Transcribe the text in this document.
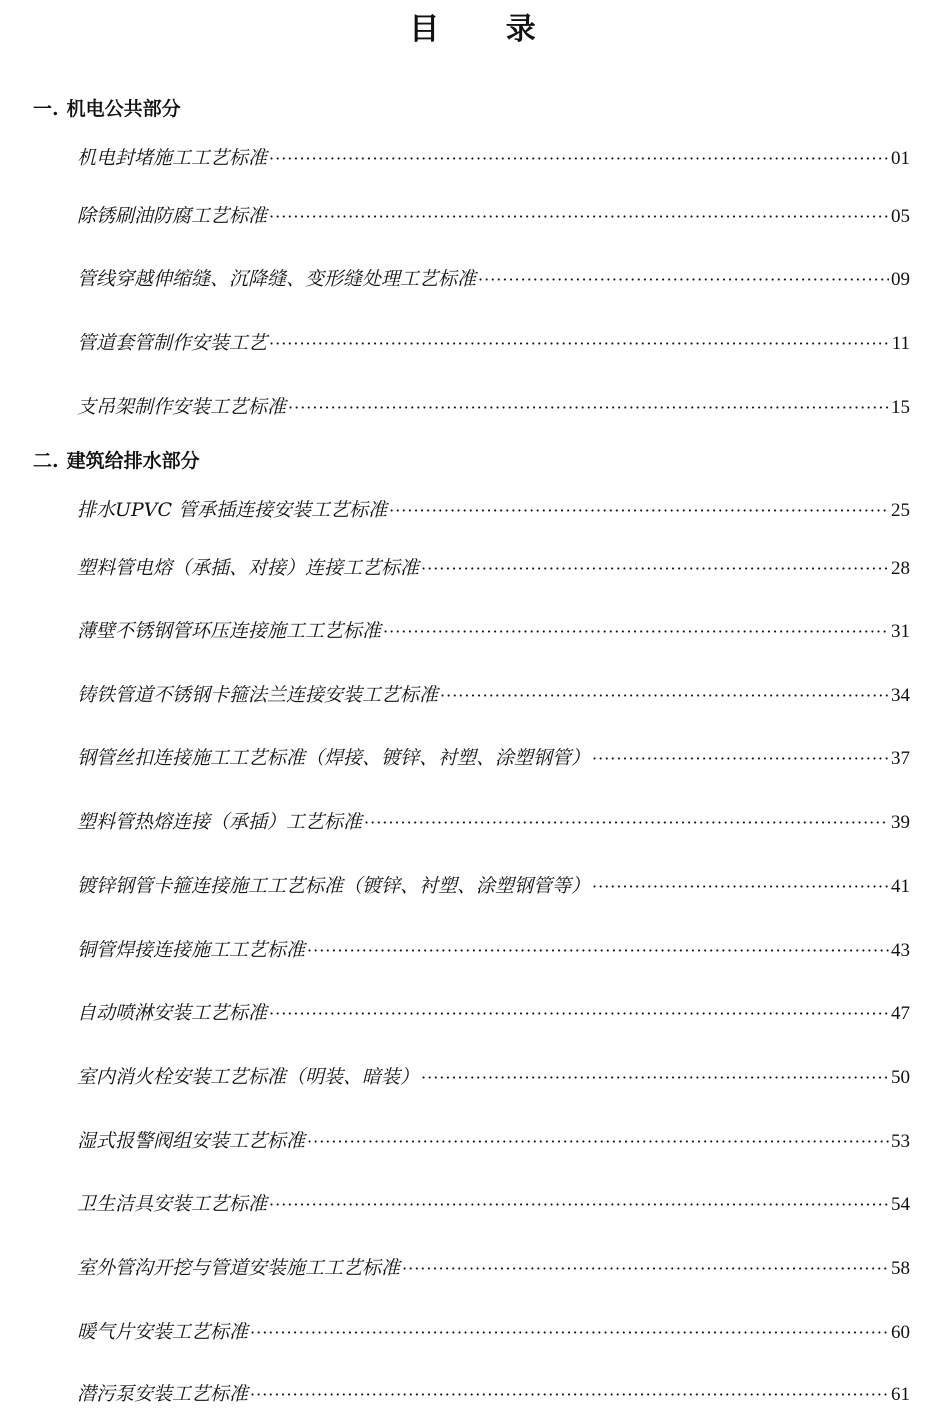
目 录
一. 机电公共部分
机电封堵施工工艺标准 ·····	01
除锈刷油防腐工艺标准 ·····	05
管线穿越伸缩缝、沉降缝、变形缝处理工艺标准 ·····	09
管道套管制作安装工艺 ·····	11
支吊架制作安装工艺标准 ·····	15
二. 建筑给排水部分
排水UPVC 管承插连接安装工艺标准 ·····	25
塑料管电熔（承插、对接）连接工艺标准 ·····	28
薄壁不锈钢管环压连接施工工艺标准 ·····	31
铸铁管道不锈钢卡箍法兰连接安装工艺标准 ·····	34
钢管丝扣连接施工工艺标准（焊接、镀锌、衬塑、涂塑钢管） ·····	37
塑料管热熔连接（承插）工艺标准 ·····	39
镀锌钢管卡箍连接施工工艺标准（镀锌、衬塑、涂塑钢管等） ·····	41
铜管焊接连接施工工艺标准 ·····	43
自动喷淋安装工艺标准 ·····	47
室内消火栓安装工艺标准（明装、暗装） ·····	50
湿式报警阀组安装工艺标准 ·····	53
卫生洁具安装工艺标准 ·····	54
室外管沟开挖与管道安装施工工艺标准 ·····	58
暖气片安装工艺标准 ·····	60
潜污泵安装工艺标准 ·····	61
